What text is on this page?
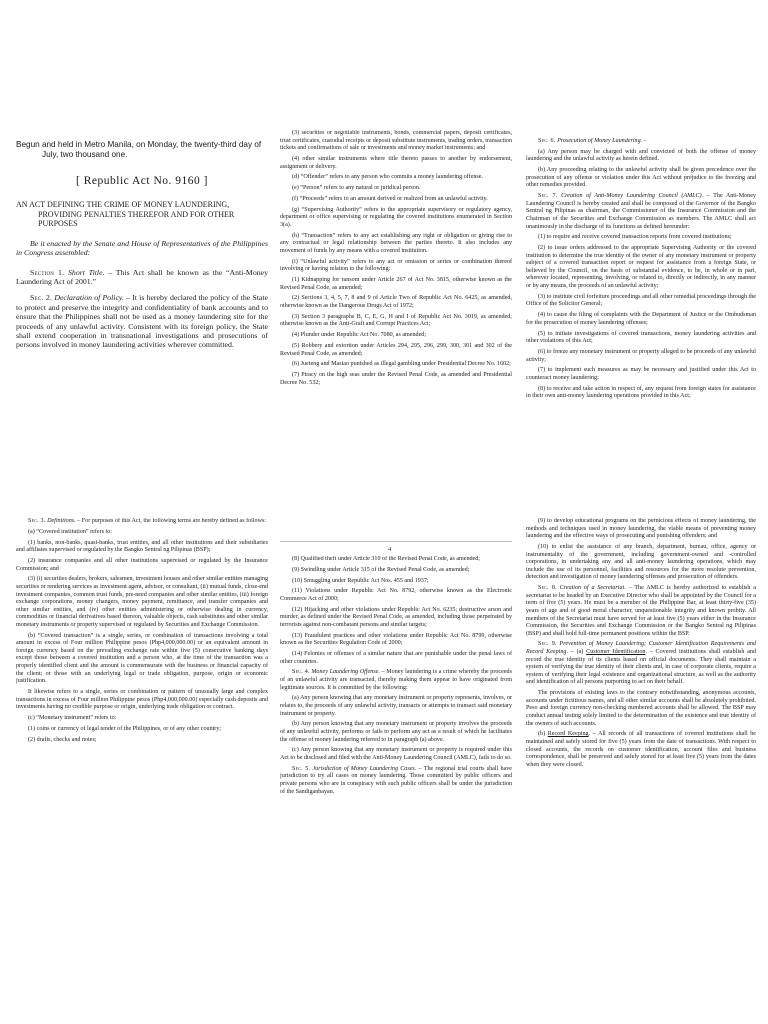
Begun and held in Metro Manila, on Monday, the twenty-third day of
July, two thousand one.

[ Republic Act No. 9160 ]

AN ACT DEFINING THE CRIME OF MONEY LAUNDERING,
PROVIDING PENALTIES THEREFOR AND FOR OTHER
PURPOSES

Be it enacted by the Senate and House of Representatives of the Philippines in Congress assembled:

Section 1. Short Title. – This Act shall be known as the “Anti-Money Laundering Act of 2001.”

Sec. 2. Declaration of Policy. – It is hereby declared the policy of the State to protect and preserve the integrity and confidentiality of bank accounts and to ensure that the Philippines shall not be used as a money laundering site for the proceeds of any unlawful activity. Consistent with its foreign policy, the State shall extend cooperation in transnational investigations and prosecutions of persons involved in money laundering activities wherever committed.

Sec. 3. Definitions. – For purposes of this Act, the following terms are hereby defined as follows:

(a) “Covered institution” refers to:

(1) banks, non-banks, quasi-banks, trust entities, and all other institutions and their subsidiaries and affiliates supervised or regulated by the Bangko Sentral ng Pilipinas (BSP);

(2) insurance companies and all other institutions supervised or regulated by the Insurance Commission; and

(3) (i) securities dealers, brokers, salesmen, investment houses and other similar entities managing securities or rendering services as investment agent, advisor, or consultant, (ii) mutual funds, close-end investment companies, common trust funds, pre-need companies and other similar entities, (iii) foreign exchange corporations, money changers, money payment, remittance, and transfer companies and other similar entities, and (iv) other entities administering or otherwise dealing in currency, commodities or financial derivatives based thereon, valuable objects, cash substitutes and other similar monetary instruments or property supervised or regulated by Securities and Exchange Commission.

(b) “Covered transaction” is a single, series, or combination of transactions involving a total amount in excess of Four million Philippine pesos (Php4,000,000.00) or an equivalent amount in foreign currency based on the prevailing exchange rate within five (5) consecutive banking days except those between a covered institution and a person who, at the time of the transaction was a properly identified client and the amount is commensurate with the business or financial capacity of the client; or those with an underlying legal or trade obligation, purpose, origin or economic justification.

It likewise refers to a single, series or combination or pattern of unusually large and complex transactions in excess of Four million Philippine pesos (Php4,000,000.00) especially cash deposits and investments having no credible purpose or origin, underlying trade obligation or contract.

(c) “Monetary instrument” refers to:

(1) coins or currency of legal tender of the Philippines, or of any other country;

(2) drafts, checks and notes;

(3) securities or negotiable instruments, bonds, commercial papers, deposit certificates, trust certificates, custodial receipts or deposit substitute instruments, trading orders, transaction tickets and confirmations of sale or investments and money market instruments; and

(4) other similar instruments where title thereto passes to another by endorsement, assignment or delivery.

(d) “Offender” refers to any person who commits a money laundering offense.

(e) “Person” refers to any natural or juridical person.

(f) “Proceeds” refers to an amount derived or realized from an unlawful activity.

(g) “Supervising Authority” refers to the appropriate supervisory or regulatory agency, department or office supervising or regulating the covered institutions enumerated in Section 3(a).

(h) “Transaction” refers to any act establishing any right or obligation or giving rise to any contractual or legal relationship between the parties thereto. It also includes any movement of funds by any means with a covered institution.

(i) “Unlawful activity” refers to any act or omission or series or combination thereof involving or having relation to the following:

(1) Kidnapping for ransom under Article 267 of Act No. 3815, otherwise known as the Revised Penal Code, as amended;

(2) Sections 3, 4, 5, 7, 8 and 9 of Article Two of Republic Act No. 6425, as amended, otherwise known as the Dangerous Drugs Act of 1972;

(3) Section 3 paragraphs B, C, E, G, H and I of Republic Act No. 3019, as amended; otherwise known as the Anti-Graft and Corrupt Practices Act;

(4) Plunder under Republic Act No. 7080, as amended;

(5) Robbery and extortion under Articles 294, 295, 296, 299, 300, 301 and 302 of the Revised Penal Code, as amended;

(6) Jueteng and Masiao punished as illegal gambling under Presidential Decree No. 1602;

(7) Piracy on the high seas under the Revised Penal Code, as amended and Presidential Decree No. 532;

4

(8) Qualified theft under Article 310 of the Revised Penal Code, as amended;

(9) Swindling under Article 315 of the Revised Penal Code, as amended;

(10) Smuggling under Republic Act Nos. 455 and 1937;

(11) Violations under Republic Act No. 8792, otherwise known as the Electronic Commerce Act of 2000;

(12) Hijacking and other violations under Republic Act No. 6235; destructive arson and murder, as defined under the Revised Penal Code, as amended, including those perpetrated by terrorists against non-combatant persons and similar targets;

(13) Fraudulent practices and other violations under Republic Act No. 8799, otherwise known as the Securities Regulation Code of 2000;

(14) Felonies or offenses of a similar nature that are punishable under the penal laws of other countries.

Sec. 4. Money Laundering Offense. – Money laundering is a crime whereby the proceeds of an unlawful activity are transacted, thereby making them appear to have originated from legitimate sources. It is committed by the following:

(a) Any person knowing that any monetary instrument or property represents, involves, or relates to, the proceeds of any unlawful activity, transacts or attempts to transact said monetary instrument or property.

(b) Any person knowing that any monetary instrument or property involves the proceeds of any unlawful activity, performs or fails to perform any act as a result of which he facilitates the offense of money laundering referred to in paragraph (a) above.

(c) Any person knowing that any monetary instrument or property is required under this Act to be disclosed and filed with the Anti-Money Laundering Council (AMLC), fails to do so.

Sec. 5. Jurisdiction of Money Laundering Cases. – The regional trial courts shall have jurisdiction to try all cases on money laundering. Those committed by public officers and private persons who are in conspiracy with such public officers shall be under the jurisdiction of the Sandiganbayan.

Sec. 6. Prosecution of Money Laundering. –

(a) Any person may be charged with and convicted of both the offense of money laundering and the unlawful activity as herein defined.

(b) Any proceeding relating to the unlawful activity shall be given precedence over the prosecution of any offense or violation under this Act without prejudice to the freezing and other remedies provided.

Sec. 7. Creation of Anti-Money Laundering Council (AMLC). – The Anti-Money Laundering Council is hereby created and shall be composed of the Governor of the Bangko Sentral ng Pilipinas as chairman, the Commissioner of the Insurance Commission and the Chairman of the Securities and Exchange Commission as members. The AMLC shall act unanimously in the discharge of its functions as defined hereunder:

(1) to require and receive covered transaction reports from covered institutions;

(2) to issue orders addressed to the appropriate Supervising Authority or the covered institution to determine the true identity of the owner of any monetary instrument or property subject of a covered transaction report or request for assistance from a foreign State, or believed by the Council, on the basis of substantial evidence, to be, in whole or in part, wherever located, representing, involving, or related to, directly or indirectly, in any manner or by any means, the proceeds of an unlawful activity;

(3) to institute civil forfeiture proceedings and all other remedial proceedings through the Office of the Solicitor General;

(4) to cause the filing of complaints with the Department of Justice or the Ombudsman for the prosecution of money laundering offenses;

(5) to initiate investigations of covered transactions, money laundering activities and other violations of this Act;

(6) to freeze any monetary instrument or property alleged to be proceeds of any unlawful activity;

(7) to implement such measures as may be necessary and justified under this Act to counteract money laundering;

(8) to receive and take action in respect of, any request from foreign states for assistance in their own anti-money laundering operations provided in this Act;

(9) to develop educational programs on the pernicious effects of money laundering, the methods and techniques used in money laundering, the viable means of preventing money laundering and the effective ways of prosecuting and punishing offenders; and

(10) to enlist the assistance of any branch, department, bureau, office, agency or instrumentality of the government, including government-owned and -controlled corporations, in undertaking any and all anti-money laundering operations, which may include the use of its personnel, facilities and resources for the more resolute prevention, detection and investigation of money laundering offenses and prosecution of offenders.

Sec. 8. Creation of a Secretariat. – The AMLC is hereby authorized to establish a secretariat to be headed by an Executive Director who shall be appointed by the Council for a term of five (5) years. He must be a member of the Philippine Bar, at least thirty-five (35) years of age and of good moral character, unquestionable integrity and known probity. All members of the Secretariat must have served for at least five (5) years either in the Insurance Commission, the Securities and Exchange Commission or the Bangko Sentral ng Pilipinas (BSP) and shall hold full-time permanent positions within the BSP.

Sec. 9. Prevention of Money Laundering; Customer Identification Requirements and Record Keeping. – (a) Customer Identification. – Covered institutions shall establish and record the true identity of its clients based on official documents. They shall maintain a system of verifying the true identity of their clients and, in case of corporate clients, require a system of verifying their legal existence and organizational structure, as well as the authority and identification of all persons purporting to act on their behalf.

The provisions of existing laws to the contrary notwithstanding, anonymous accounts, accounts under fictitious names, and all other similar accounts shall be absolutely prohibited. Peso and foreign currency non-checking numbered accounts shall be allowed. The BSP may conduct annual testing solely limited to the determination of the existence and true identity of the owners of such accounts.

(b) Record Keeping. – All records of all transactions of covered institutions shall be maintained and safely stored for five (5) years from the date of transactions. With respect to closed accounts, the records on customer identification, account files and business correspondence, shall be preserved and safely stored for at least five (5) years from the dates when they were closed.
